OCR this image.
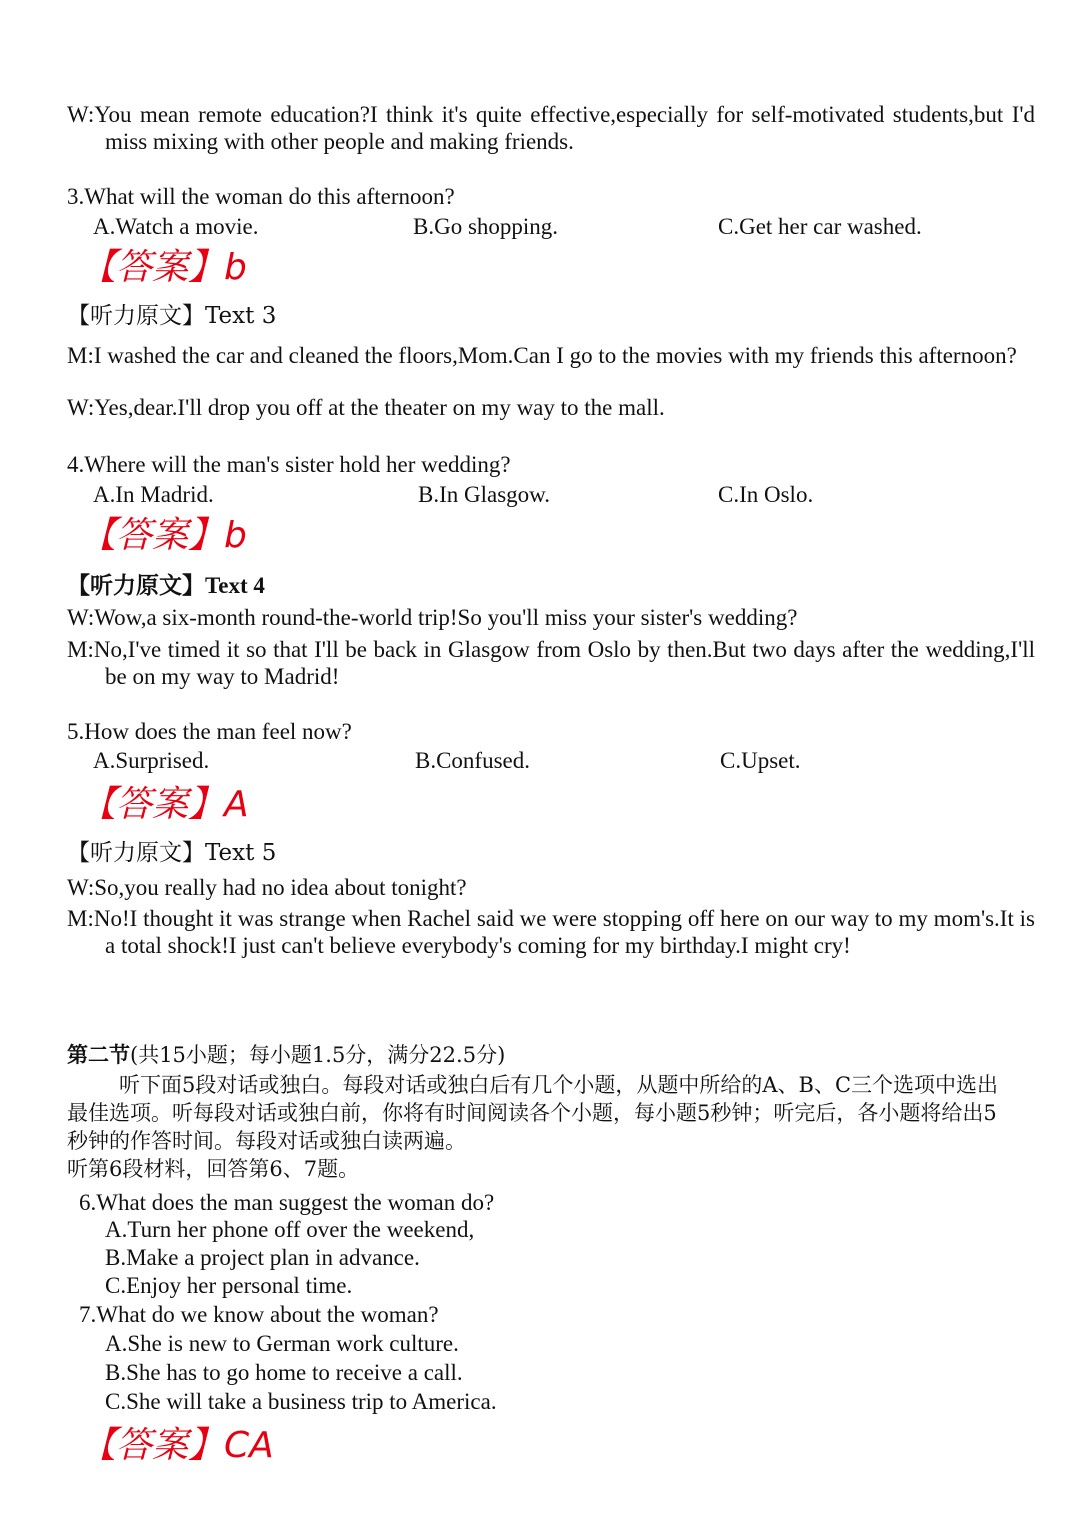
W:You mean remote education?I think it's quite effective,especially for self-motivated students,but I'd miss mixing with other people and making friends.
3.What will the woman do this afternoon?
A.Watch a movie.	B.Go shopping.	C.Get her car washed.
【答案】b
【听力原文】Text 3
M:I washed the car and cleaned the floors,Mom.Can I go to the movies with my friends this afternoon?
W:Yes,dear.I'll drop you off at the theater on my way to the mall.
4.Where will the man's sister hold her wedding?
A.In Madrid.	B.In Glasgow.	C.In Oslo.
【答案】b
【听力原文】Text 4
W:Wow,a six-month round-the-world trip!So you'll miss your sister's wedding?
M:No,I've timed it so that I'll be back in Glasgow from Oslo by then.But two days after the wedding,I'll be on my way to Madrid!
5.How does the man feel now?
A.Surprised.	B.Confused.	C.Upset.
【答案】A
【听力原文】Text 5
W:So,you really had no idea about tonight?
M:No!I thought it was strange when Rachel said we were stopping off here on our way to my mom's.It is a total shock!I just can't believe everybody's coming for my birthday.I might cry!
第二节(共15小题；每小题1.5分，满分22.5分)
听下面5段对话或独白。每段对话或独白后有几个小题，从题中所给的A、B、C三个选项中选出最佳选项。听每段对话或独白前，你将有时间阅读各个小题，每小题5秒钟；听完后，各小题将给出5秒钟的作答时间。每段对话或独白读两遍。
听第6段材料，回答第6、7题。
6.What does the man suggest the woman do?
A.Turn her phone off over the weekend,
B.Make a project plan in advance.
C.Enjoy her personal time.
7.What do we know about the woman?
A.She is new to German work culture.
B.She has to go home to receive a call.
C.She will take a business trip to America.
【答案】CA
